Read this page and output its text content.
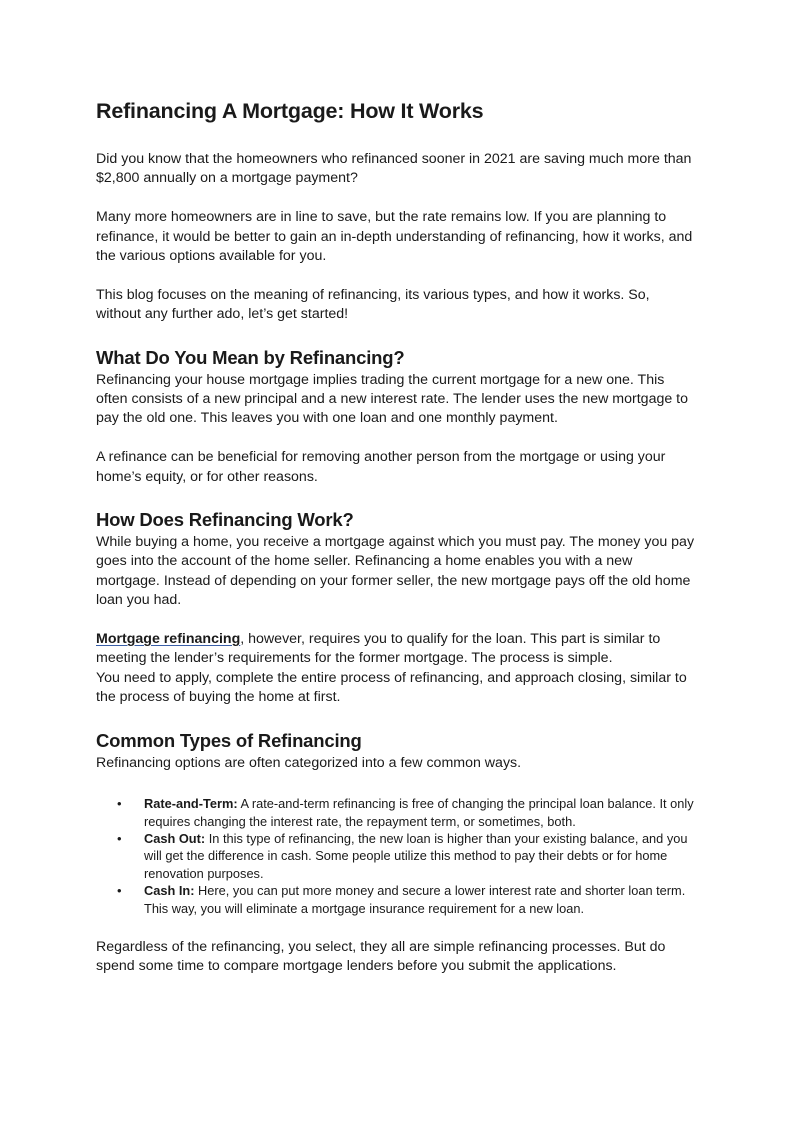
Refinancing A Mortgage: How It Works

Did you know that the homeowners who refinanced sooner in 2021 are saving much more than $2,800 annually on a mortgage payment?

Many more homeowners are in line to save, but the rate remains low. If you are planning to refinance, it would be better to gain an in-depth understanding of refinancing, how it works, and the various options available for you.

This blog focuses on the meaning of refinancing, its various types, and how it works. So, without any further ado, let’s get started!

What Do You Mean by Refinancing?

Refinancing your house mortgage implies trading the current mortgage for a new one. This often consists of a new principal and a new interest rate. The lender uses the new mortgage to pay the old one. This leaves you with one loan and one monthly payment.

A refinance can be beneficial for removing another person from the mortgage or using your home’s equity, or for other reasons.

How Does Refinancing Work?

While buying a home, you receive a mortgage against which you must pay. The money you pay goes into the account of the home seller. Refinancing a home enables you with a new mortgage. Instead of depending on your former seller, the new mortgage pays off the old home loan you had.

Mortgage refinancing, however, requires you to qualify for the loan. This part is similar to meeting the lender’s requirements for the former mortgage. The process is simple.

You need to apply, complete the entire process of refinancing, and approach closing, similar to the process of buying the home at first.

Common Types of Refinancing

Refinancing options are often categorized into a few common ways.

• Rate-and-Term: A rate-and-term refinancing is free of changing the principal loan balance. It only requires changing the interest rate, the repayment term, or sometimes, both.
• Cash Out: In this type of refinancing, the new loan is higher than your existing balance, and you will get the difference in cash. Some people utilize this method to pay their debts or for home renovation purposes.
• Cash In: Here, you can put more money and secure a lower interest rate and shorter loan term. This way, you will eliminate a mortgage insurance requirement for a new loan.

Regardless of the refinancing, you select, they all are simple refinancing processes. But do spend some time to compare mortgage lenders before you submit the applications.
